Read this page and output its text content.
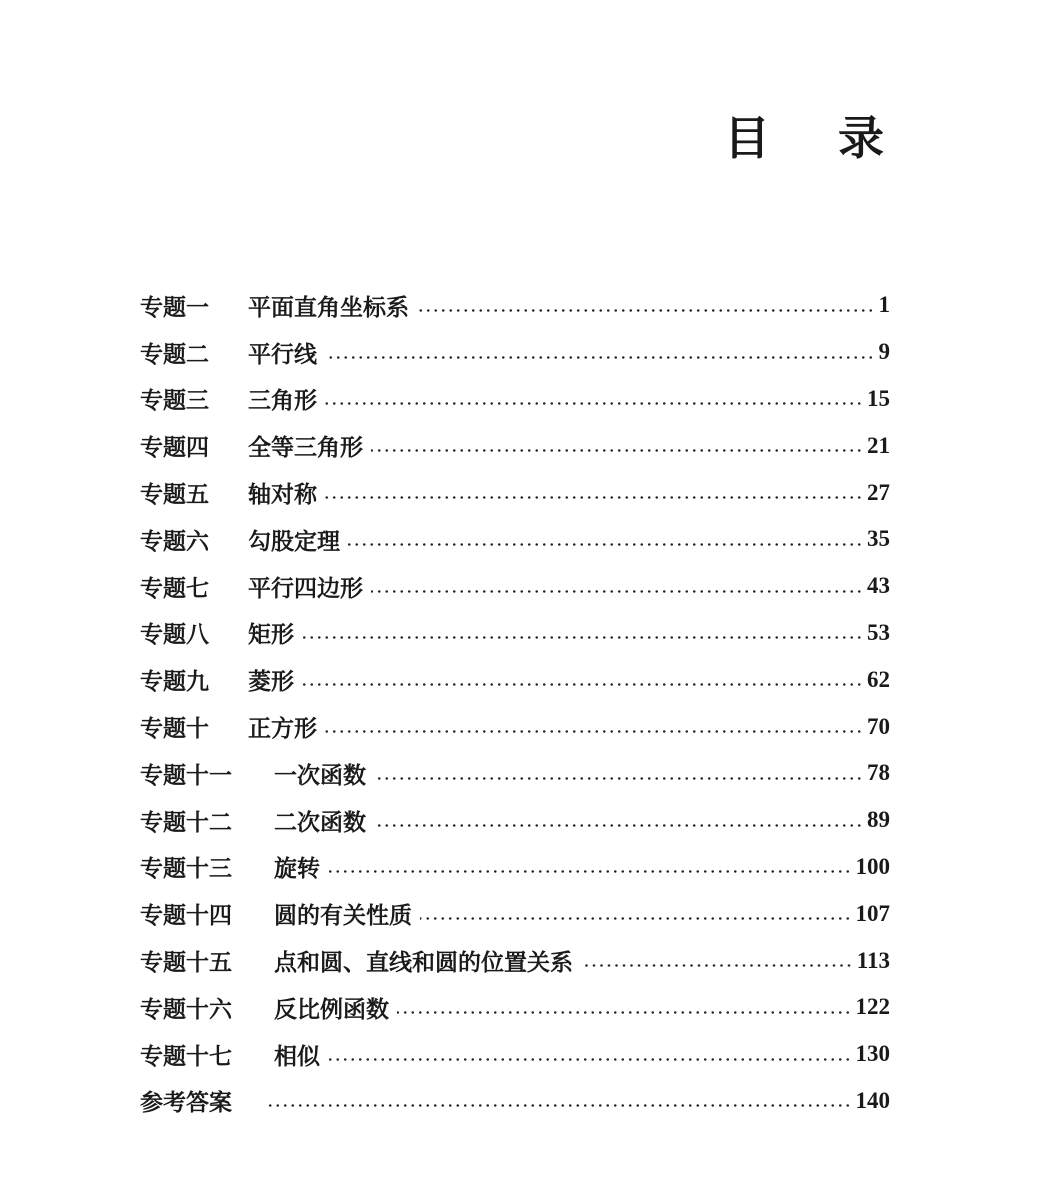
目 录
专题一	平面直角坐标系	1
专题二	平行线	9
专题三	三角形	15
专题四	全等三角形	21
专题五	轴对称	27
专题六	勾股定理	35
专题七	平行四边形	43
专题八	矩形	53
专题九	菱形	62
专题十	正方形	70
专题十一	一次函数	78
专题十二	二次函数	89
专题十三	旋转	100
专题十四	圆的有关性质	107
专题十五	点和圆、直线和圆的位置关系	113
专题十六	反比例函数	122
专题十七	相似	130
参考答案	140
